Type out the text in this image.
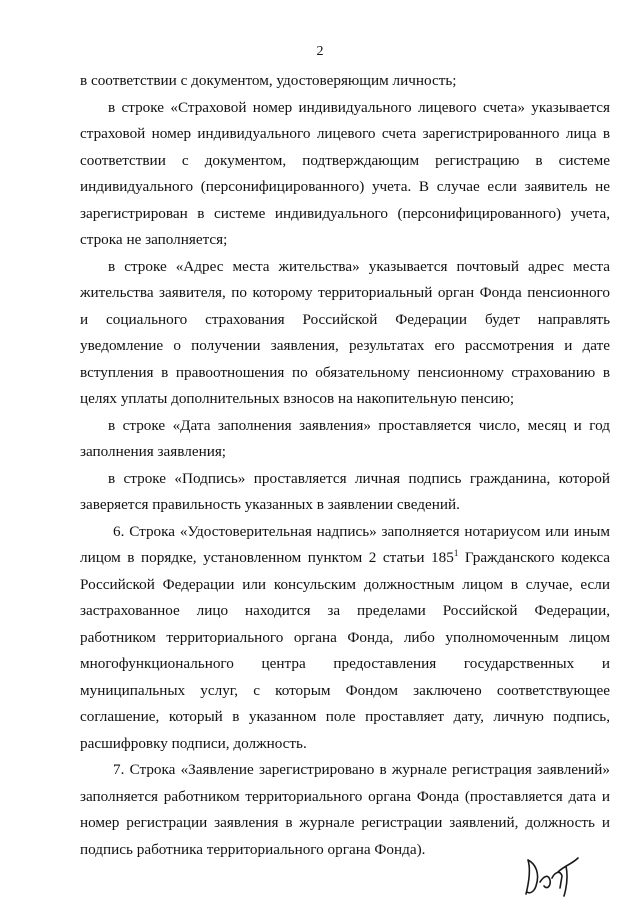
2

в соответствии с документом, удостоверяющим личность;

в строке «Страховой номер индивидуального лицевого счета» указывается страховой номер индивидуального лицевого счета зарегистрированного лица в соответствии с документом, подтверждающим регистрацию в системе индивидуального (персонифицированного) учета. В случае если заявитель не зарегистрирован в системе индивидуального (персонифицированного) учета, строка не заполняется;

в строке «Адрес места жительства» указывается почтовый адрес места жительства заявителя, по которому территориальный орган Фонда пенсионного и социального страхования Российской Федерации будет направлять уведомление о получении заявления, результатах его рассмотрения и дате вступления в правоотношения по обязательному пенсионному страхованию в целях уплаты дополнительных взносов на накопительную пенсию;

в строке «Дата заполнения заявления» проставляется число, месяц и год заполнения заявления;

в строке «Подпись» проставляется личная подпись гражданина, которой заверяется правильность указанных в заявлении сведений.

6. Строка «Удостоверительная надпись» заполняется нотариусом или иным лицом в порядке, установленном пунктом 2 статьи $185^1$ Гражданского кодекса Российской Федерации или консульским должностным лицом в случае, если застрахованное лицо находится за пределами Российской Федерации, работником территориального органа Фонда, либо уполномоченным лицом многофункционального центра предоставления государственных и муниципальных услуг, с которым Фондом заключено соответствующее соглашение, который в указанном поле проставляет дату, личную подпись, расшифровку подписи, должность.

7. Строка «Заявление зарегистрировано в журнале регистрация заявлений» заполняется работником территориального органа Фонда (проставляется дата и номер регистрации заявления в журнале регистрации заявлений, должность и подпись работника территориального органа Фонда).
